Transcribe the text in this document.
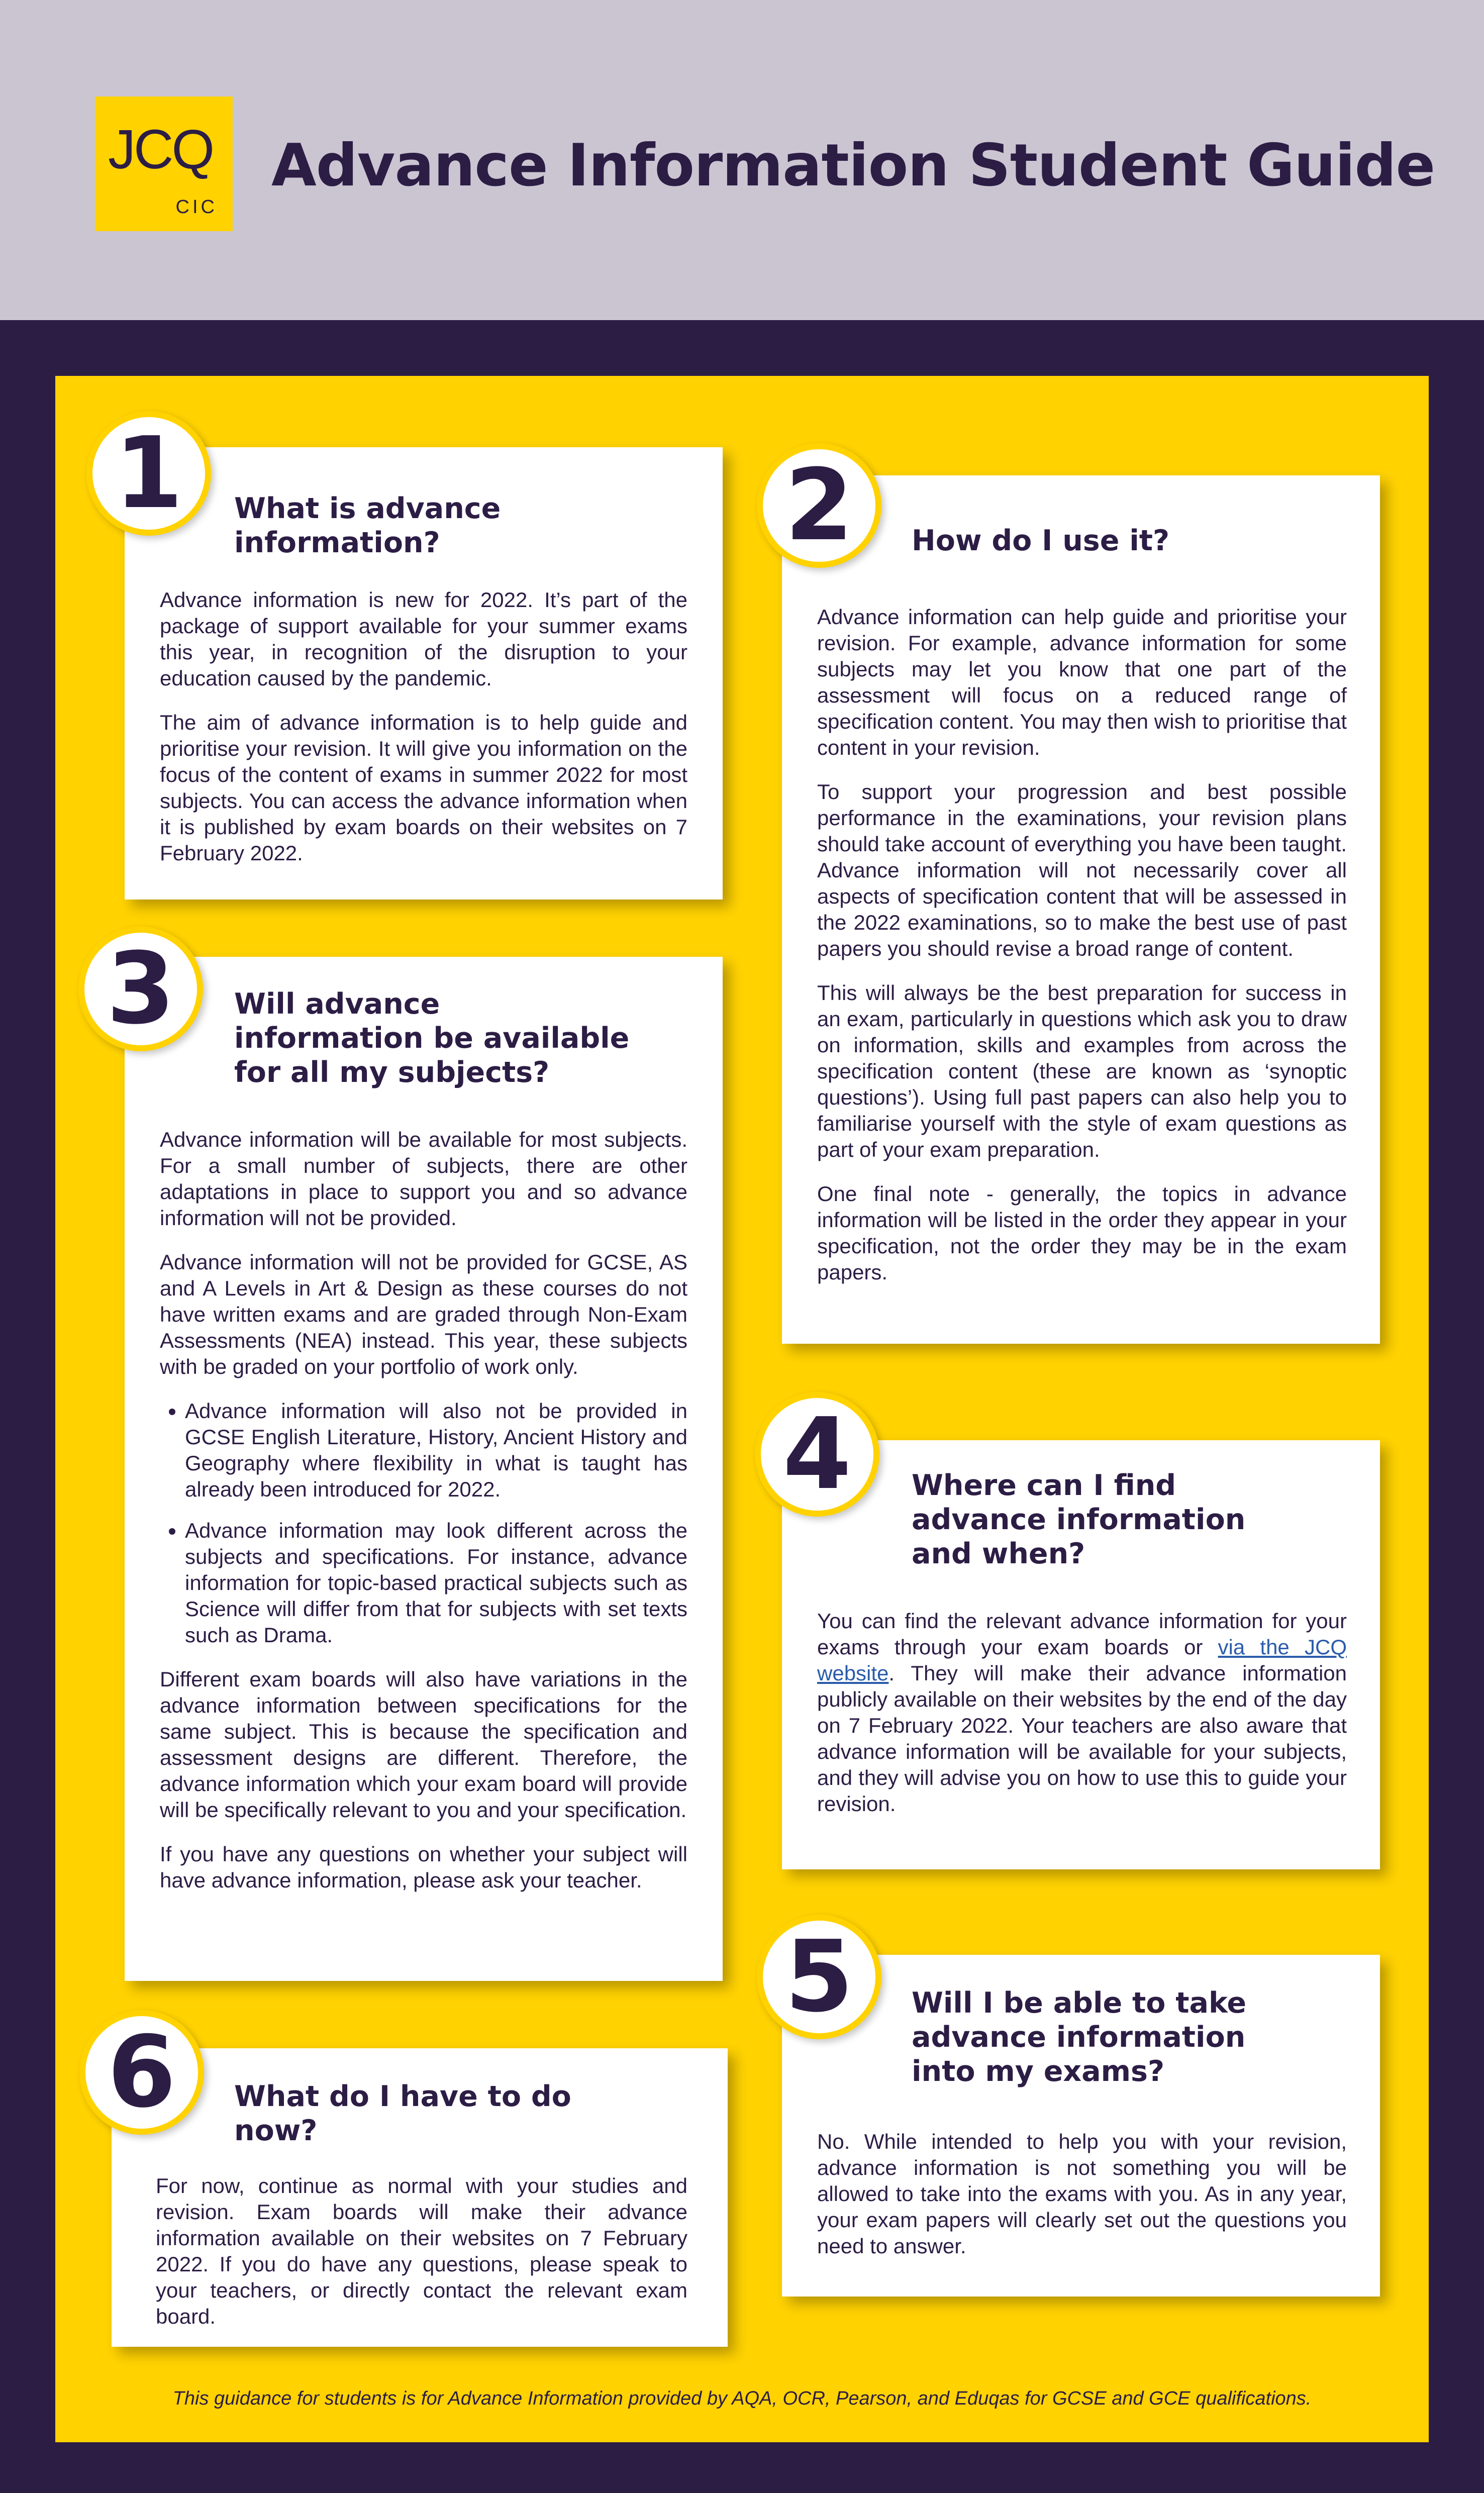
JCQ
CIC
Advance Information Student Guide
What is advance information?

Advance information is new for 2022. It’s part of the package of support available for your summer exams this year, in recognition of the disruption to your education caused by the pandemic.

The aim of advance information is to help guide and prioritise your revision. It will give you information on the focus of the content of exams in summer 2022 for most subjects. You can access the advance information when it is published by exam boards on their websites on 7 February 2022.

1
How do I use it?

Advance information can help guide and prioritise your revision. For example, advance information for some subjects may let you know that one part of the assessment will focus on a reduced range of specification content. You may then wish to prioritise that content in your revision.

To support your progression and best possible performance in the examinations, your revision plans should take account of everything you have been taught. Advance information will not necessarily cover all aspects of specification content that will be assessed in the 2022 examinations, so to make the best use of past papers you should revise a broad range of content.

This will always be the best preparation for success in an exam, particularly in questions which ask you to draw on information, skills and examples from across the specification content (these are known as ‘synoptic questions’). Using full past papers can also help you to familiarise yourself with the style of exam questions as part of your exam preparation.

One final note - generally, the topics in advance information will be listed in the order they appear in your specification, not the order they may be in the exam papers.

2
Will advance information be available for all my subjects?

Advance information will be available for most subjects. For a small number of subjects, there are other adaptations in place to support you and so advance information will not be provided.

Advance information will not be provided for GCSE, AS and A Levels in Art & Design as these courses do not have written exams and are graded through Non-Exam Assessments (NEA) instead. This year, these subjects with be graded on your portfolio of work only.

• Advance information will also not be provided in GCSE English Literature, History, Ancient History and Geography where flexibility in what is taught has already been introduced for 2022.
• Advance information may look different across the subjects and specifications. For instance, advance information for topic-based practical subjects such as Science will differ from that for subjects with set texts such as Drama.

Different exam boards will also have variations in the advance information between specifications for the same subject. This is because the specification and assessment designs are different. Therefore, the advance information which your exam board will provide will be specifically relevant to you and your specification.

If you have any questions on whether your subject will have advance information, please ask your teacher.

3
Where can I find advance information and when?

You can find the relevant advance information for your exams through your exam boards or via the JCQ website. They will make their advance information publicly available on their websites by the end of the day on 7 February 2022. Your teachers are also aware that advance information will be available for your subjects, and they will advise you on how to use this to guide your revision.

4
Will I be able to take advance information into my exams?

No. While intended to help you with your revision, advance information is not something you will be allowed to take into the exams with you. As in any year, your exam papers will clearly set out the questions you need to answer.

5
What do I have to do now?

For now, continue as normal with your studies and revision. Exam boards will make their advance information available on their websites on 7 February 2022. If you do have any questions, please speak to your teachers, or directly contact the relevant exam board.

6
This guidance for students is for Advance Information provided by AQA, OCR, Pearson, and Eduqas for GCSE and GCE qualifications.
